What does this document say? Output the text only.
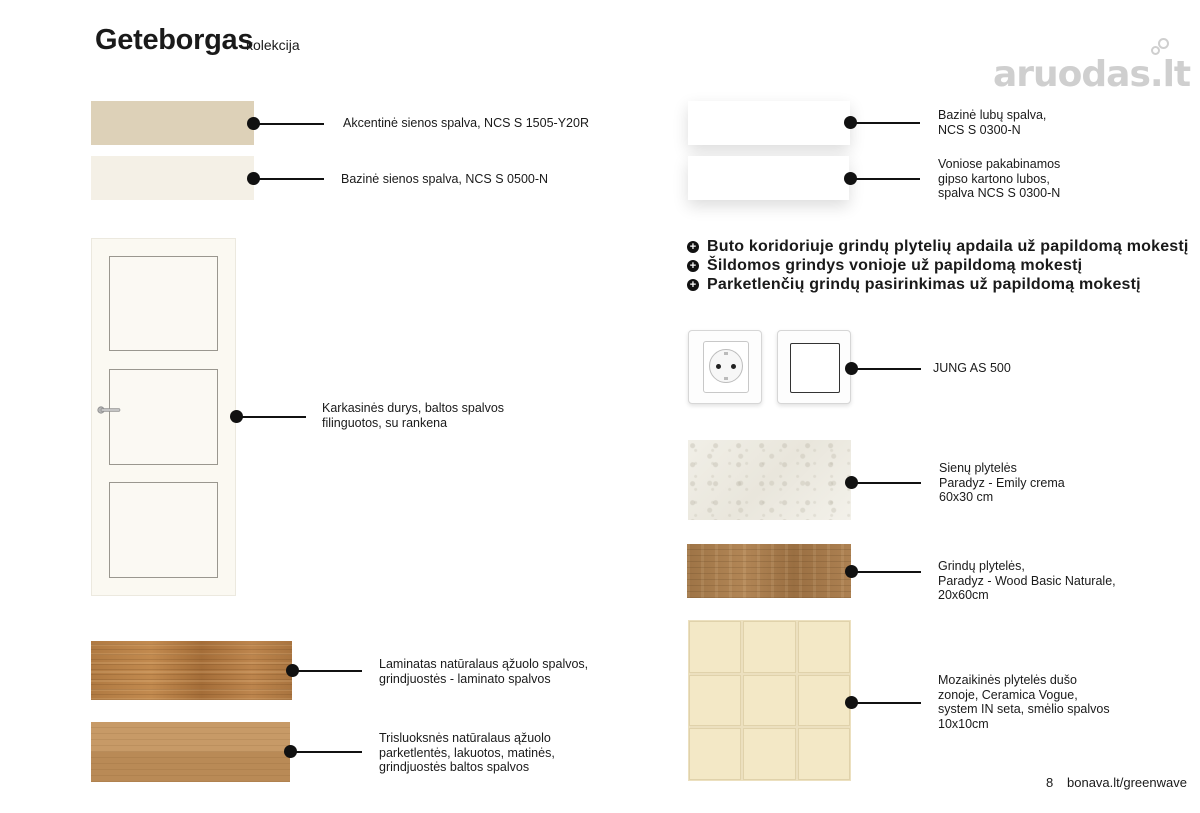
Geteborgas
kolekcija
aruodas.lt
Akcentinė sienos spalva, NCS S 1505-Y20R
Bazinė sienos spalva, NCS S 0500-N
Karkasinės durys, baltos spalvos
filinguotos, su rankena
Laminatas natūralaus ąžuolo spalvos,
grindjuostės - laminato spalvos
Trisluoksnės natūralaus ąžuolo
parketlentės, lakuotos, matinės,
grindjuostės baltos spalvos
Bazinė lubų spalva,
NCS S 0300-N
Voniose pakabinamos
gipso kartono lubos,
spalva NCS S 0300-N
+ Buto koridoriuje grindų plytelių apdaila už papildomą mokestį
+ Šildomos grindys vonioje už papildomą mokestį
+ Parketlenčių grindų pasirinkimas už papildomą mokestį
JUNG AS 500
Sienų plytelės
Paradyz - Emily crema
60x30 cm
Grindų plytelės,
Paradyz - Wood Basic Naturale,
20x60cm
Mozaikinės plytelės dušo
zonoje, Ceramica Vogue,
system IN seta, smėlio spalvos
10x10cm
8 bonava.lt/greenwave
